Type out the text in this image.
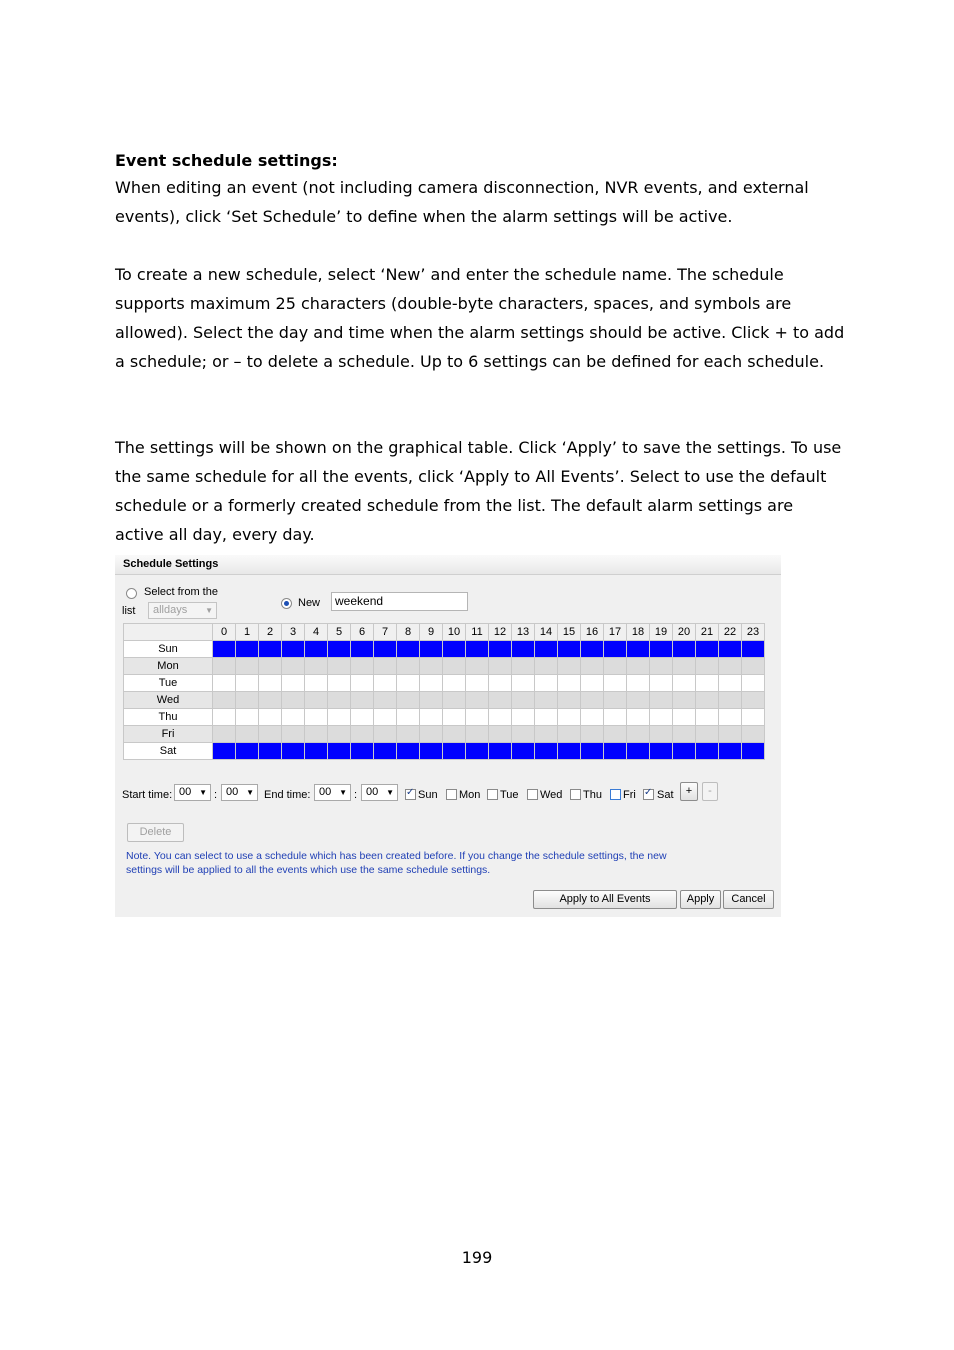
Event schedule settings:

When editing an event (not including camera disconnection, NVR events, and external events), click ‘Set Schedule’ to define when the alarm settings will be active.

To create a new schedule, select ‘New’ and enter the schedule name. The schedule supports maximum 25 characters (double-byte characters, spaces, and symbols are allowed). Select the day and time when the alarm settings should be active. Click + to add a schedule; or – to delete a schedule. Up to 6 settings can be defined for each schedule.

The settings will be shown on the graphical table. Click ‘Apply’ to save the settings. To use the same schedule for all the events, click ‘Apply to All Events’. Select to use the default schedule or a formerly created schedule from the list. The default alarm settings are active all day, every day.

Schedule Settings
Select from the
list	alldays ▼
New	weekend
	0	1	2	3	4	5	6	7	8	9	10	11	12	13	14	15	16	17	18	19	20	21	22	23
Sun																								
Mon																								
Tue																								
Wed																								
Thu																								
Fri																								
Sat																								
Start time: 00 ▼ : 00 ▼ End time: 00 ▼ : 00 ▼ ✓ Sun Mon Tue Wed Thu Fri ✓ Sat	+	-
Delete
Note. You can select to use a schedule which has been created before. If you change the schedule settings, the new
settings will be applied to all the events which use the same schedule settings.
Apply to All Events	Apply	Cancel
199
